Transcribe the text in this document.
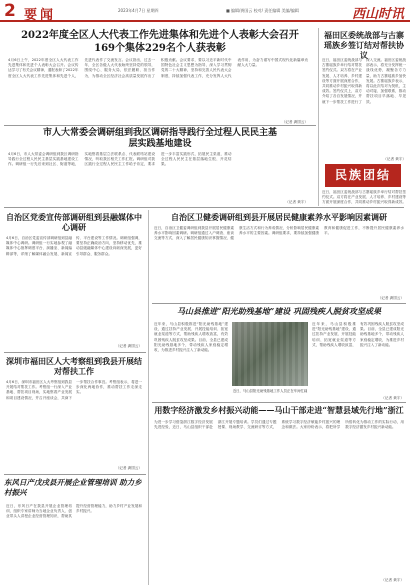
2 要闻	2023年4月7日 星期四	■ 编辑/龚国云 校对/ 责任编辑 美编/编辑	西山时讯
2022年度全区人大代表工作先进集体和先进个人表彰大会召开
169个集体229名个人获表彰
4月6日上午，2022年度全区人大代表工作先进集体和先进个人表彰大会召开。会议传达学习了有关会议精神，通报表彰了2022年度全区人大代表工作先进集体和先进个人，先进代表作了交流发言。会议指出，过去一年，全区各级人大代表始终坚持党的领导，围绕中心、服务大局，依法履职、担当作为，为推动全区经济社会高质量发展作出了积极贡献。会议要求，要以习近平新时代中国特色社会主义思想为指导，深入学习贯彻党的二十大精神，坚持和完善人民代表大会制度，持续加强代表工作，充分发挥人大代表作用，为奋力谱写中国式现代化新篇章贡献人大力量。
（记者 龚国云）
市人大常委会调研组到我区调研指导践行全过程人民民主基层实践基地建设
4月6日，市人大常委会调研组到我区调研指导践行全过程人民民主基层实践基地建设工作。调研组一行先后来到社区、街道等地，实地察看基层立法联系点、代表联络站建设情况，听取我区相关工作汇报。调研组对我区践行全过程人民民主工作给予肯定，要求进一步丰富实践形式，拓展民主渠道，推动全过程人民民主在基层落地生根、开花结果。
（记者 黄宇）
福田区委统战部与古寨瑶族乡签订结对帮扶协议
近日，福田区委统战部与古寨瑶族乡举行结对帮扶签约仪式。双方将在产业发展、人才培养、乡村建设等方面开展深度合作，共同推动乡村振兴取得新成效。签约仪式上，双方介绍了各自发展情况，并就下一步帮扶工作进行了深入交流。福田区委统战部表示，将充分发挥统一战线优势，凝聚各方力量，助力古寨瑶族乡加快发展。古寨瑶族乡表示，将以此次结对为契机，主动对接、加强联系，推动帮扶项目早落地、早见效。
（记者 黄宇）
民族团结
近日，福田区委统战部与古寨瑶族乡举行结对帮扶签约仪式。双方将在产业发展、人才培养、乡村建设等方面开展深度合作，共同推动乡村振兴取得新成效。
自治区党委宣传部调研组到县融媒体中心调研
4月6日，自治区党委宣传部调研组到县融媒体中心调研。调研组一行实地参观了融媒体中心指挥调度平台、演播室、新闻编辑部等，详细了解媒体融合发展、新闻宣传、平台建设等工作情况。调研组强调，要坚持正确政治方向，坚持移动优先，推动县级融媒体中心建设向纵深发展，更好引导群众、服务群众。
（记者 龚国云）
深圳市福田区人大考察组到我县开展结对帮扶工作
4月6日，深圳市福田区人大考察组到我县开展结对帮扶工作。考察组一行深入产业基地、帮扶项目现场，实地察看产业发展和项目建设情况，并召开座谈会，共商下一步帮扶合作事宜。考察组表示，将进一步深化两地协作，推动帮扶工作走深走实。
（记者 龚国云）
东风日产戊戌县开展企业管理培训 助力乡村振兴
近日，东风日产在我县开展企业管理培训，组织专家讲师为当地企业负责人、创业带头人讲授企业经营管理知识，帮助其提升经营管理能力，助力乡村产业发展和乡村振兴。
自治区卫健委调研组到县开展居民健康素养水平影响因素调研
近日，自治区卫健委调研组到我县开展居民健康素养水平影响因素调研。调研组通过入户调查、座谈交流等方式，深入了解居民健康知识掌握情况、健康生活方式和行为养成情况，分析影响居民健康素养水平的主要因素。调研组要求，要持续加强健康教育和健康促进工作，不断提升居民健康素养水平。
（记者 龚国云）
马山县推进“阳光助残基地”建设 巩固残疾人脱贫攻坚成果
近年来，马山县积极推进“阳光助残基地”建设，通过扶持产业发展、开展技能培训、拓宽就业渠道等方式，帮助残疾人增收致富，有效巩固残疾人脱贫攻坚成果。目前，全县已建成阳光助残基地多个，带动残疾人家庭稳定增收，为推进乡村振兴注入了新动能。
近日，马山县阳光助残基地工作人员正在车间忙碌
近年来，马山县积极推进“阳光助残基地”建设，通过扶持产业发展、开展技能培训、拓宽就业渠道等方式，帮助残疾人增收致富，有效巩固残疾人脱贫攻坚成果。目前，全县已建成阳光助残基地多个，带动残疾人家庭稳定增收，为推进乡村振兴注入了新动能。
（记者 黄宇）
用数字经济激发乡村振兴动能——马山干部走进“智慧县域先行地”浙江
为进一步学习借鉴浙江数字经济发展先进经验，近日，马山县组织干部赴浙江开展专题培训。学员们通过专题授课、现场教学、交流研讨等方式，系统学习数字经济赋能乡村振兴的理念和做法。大家纷纷表示，将把所学所悟转化为推动工作的实际行动，用数字经济激发乡村振兴新动能。
（记者 黄宇）
